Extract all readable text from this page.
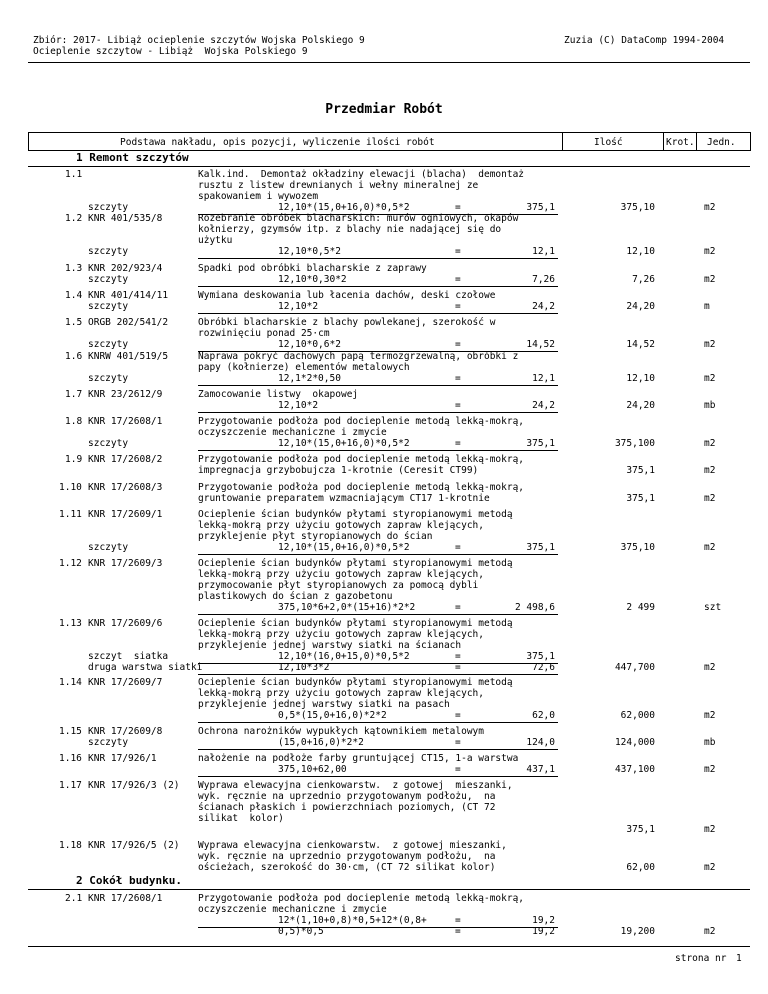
Zbiór: 2017- Libiąż ocieplenie szczytów Wojska Polskiego 9
Ocieplenie szczytow - Libiąż  Wojska Polskiego 9
Zuzia (C) DataComp 1994-2004
Przedmiar Robót
Podstawa nakładu, opis pozycji, wyliczenie ilości robót	Ilość	Krot. Jedn.
1 Remont szczytów
2 Cokół budynku.
1.1	Kalk.ind.  Demontaż okładziny elewacji (blacha)  demontaż
rusztu z listew drewnianych i wełny mineralnej ze
spakowaniem i wywozem
szczyty	12,10*(15,0+16,0)*0,5*2	=	375,1	375,10	m2
1.2 KNR 401/535/8	Rozebranie obróbek blacharskich: murów ogniowych, okapów
kołnierzy, gzymsów itp. z blachy nie nadającej się do
użytku
szczyty	12,10*0,5*2	=	12,1	12,10	m2
1.3 KNR 202/923/4	Spadki pod obróbki blacharskie z zaprawy
szczyty	12,10*0,30*2	=	7,26	7,26	m2
1.4 KNR 401/414/11	Wymiana deskowania lub łacenia dachów, deski czołowe
szczyty	12,10*2	=	24,2	24,20	m
1.5 ORGB 202/541/2	Obróbki blacharskie z blachy powlekanej, szerokość w
rozwinięciu ponad 25·cm
szczyty	12,10*0,6*2	=	14,52	14,52	m2
1.6 KNRW 401/519/5	Naprawa pokryć dachowych papą termozgrzewalną, obróbki z
papy (kołnierze) elementów metalowych
szczyty	12,1*2*0,50	=	12,1	12,10	m2
1.7 KNR 23/2612/9	Zamocowanie listwy  okapowej
12,10*2	=	24,2	24,20	mb
1.8 KNR 17/2608/1	Przygotowanie podłoża pod docieplenie metodą lekką-mokrą,
oczyszczenie mechaniczne i zmycie
szczyty	12,10*(15,0+16,0)*0,5*2	=	375,1	375,100	m2
1.9 KNR 17/2608/2	Przygotowanie podłoża pod docieplenie metodą lekką-mokrą,
impregnacja grzybobujcza 1-krotnie (Ceresit CT99)	375,1	m2
1.10 KNR 17/2608/3	Przygotowanie podłoża pod docieplenie metodą lekką-mokrą,
gruntowanie preparatem wzmacniającym CT17 1-krotnie	375,1	m2
1.11 KNR 17/2609/1	Ocieplenie ścian budynków płytami styropianowymi metodą
lekką-mokrą przy użyciu gotowych zapraw klejących,
przyklejenie płyt styropianowych do ścian
szczyty	12,10*(15,0+16,0)*0,5*2	=	375,1	375,10	m2
1.12 KNR 17/2609/3	Ocieplenie ścian budynków płytami styropianowymi metodą
lekką-mokrą przy użyciu gotowych zapraw klejących,
przymocowanie płyt styropianowych za pomocą dybli
plastikowych do ścian z gazobetonu
375,10*6+2,0*(15+16)*2*2	=	2 498,6	2 499	szt
1.13 KNR 17/2609/6	Ocieplenie ścian budynków płytami styropianowymi metodą
lekką-mokrą przy użyciu gotowych zapraw klejących,
przyklejenie jednej warstwy siatki na ścianach
szczyt  siatka	12,10*(16,0+15,0)*0,5*2	=	375,1
druga warstwa siatki	12,10*3*2	=	72,6	447,700	m2
1.14 KNR 17/2609/7	Ocieplenie ścian budynków płytami styropianowymi metodą
lekką-mokrą przy użyciu gotowych zapraw klejących,
przyklejenie jednej warstwy siatki na pasach
0,5*(15,0+16,0)*2*2	=	62,0	62,000	m2
1.15 KNR 17/2609/8	Ochrona narożników wypukłych kątownikiem metalowym
szczyty	(15,0+16,0)*2*2	=	124,0	124,000	mb
1.16 KNR 17/926/1	nałożenie na podłoże farby gruntującej CT15, 1-a warstwa
375,10+62,00	=	437,1	437,100	m2
1.17 KNR 17/926/3 (2) Wyprawa elewacyjna cienkowarstw.  z gotowej  mieszanki,
wyk. ręcznie na uprzednio przygotowanym podłożu,  na
ścianach płaskich i powierzchniach poziomych, (CT 72
silikat  kolor)
375,1	m2
1.18 KNR 17/926/5 (2) Wyprawa elewacyjna cienkowarstw.  z gotowej mieszanki,
wyk. ręcznie na uprzednio przygotowanym podłożu,  na
ościeżach, szerokość do 30·cm, (CT 72 silikat kolor)	62,00	m2
2.1 KNR 17/2608/1	Przygotowanie podłoża pod docieplenie metodą lekką-mokrą,
oczyszczenie mechaniczne i zmycie
12*(1,10+0,8)*0,5+12*(0,8+	=	19,2
0,5)*0,5	=	19,2	19,200	m2
strona nr 1
